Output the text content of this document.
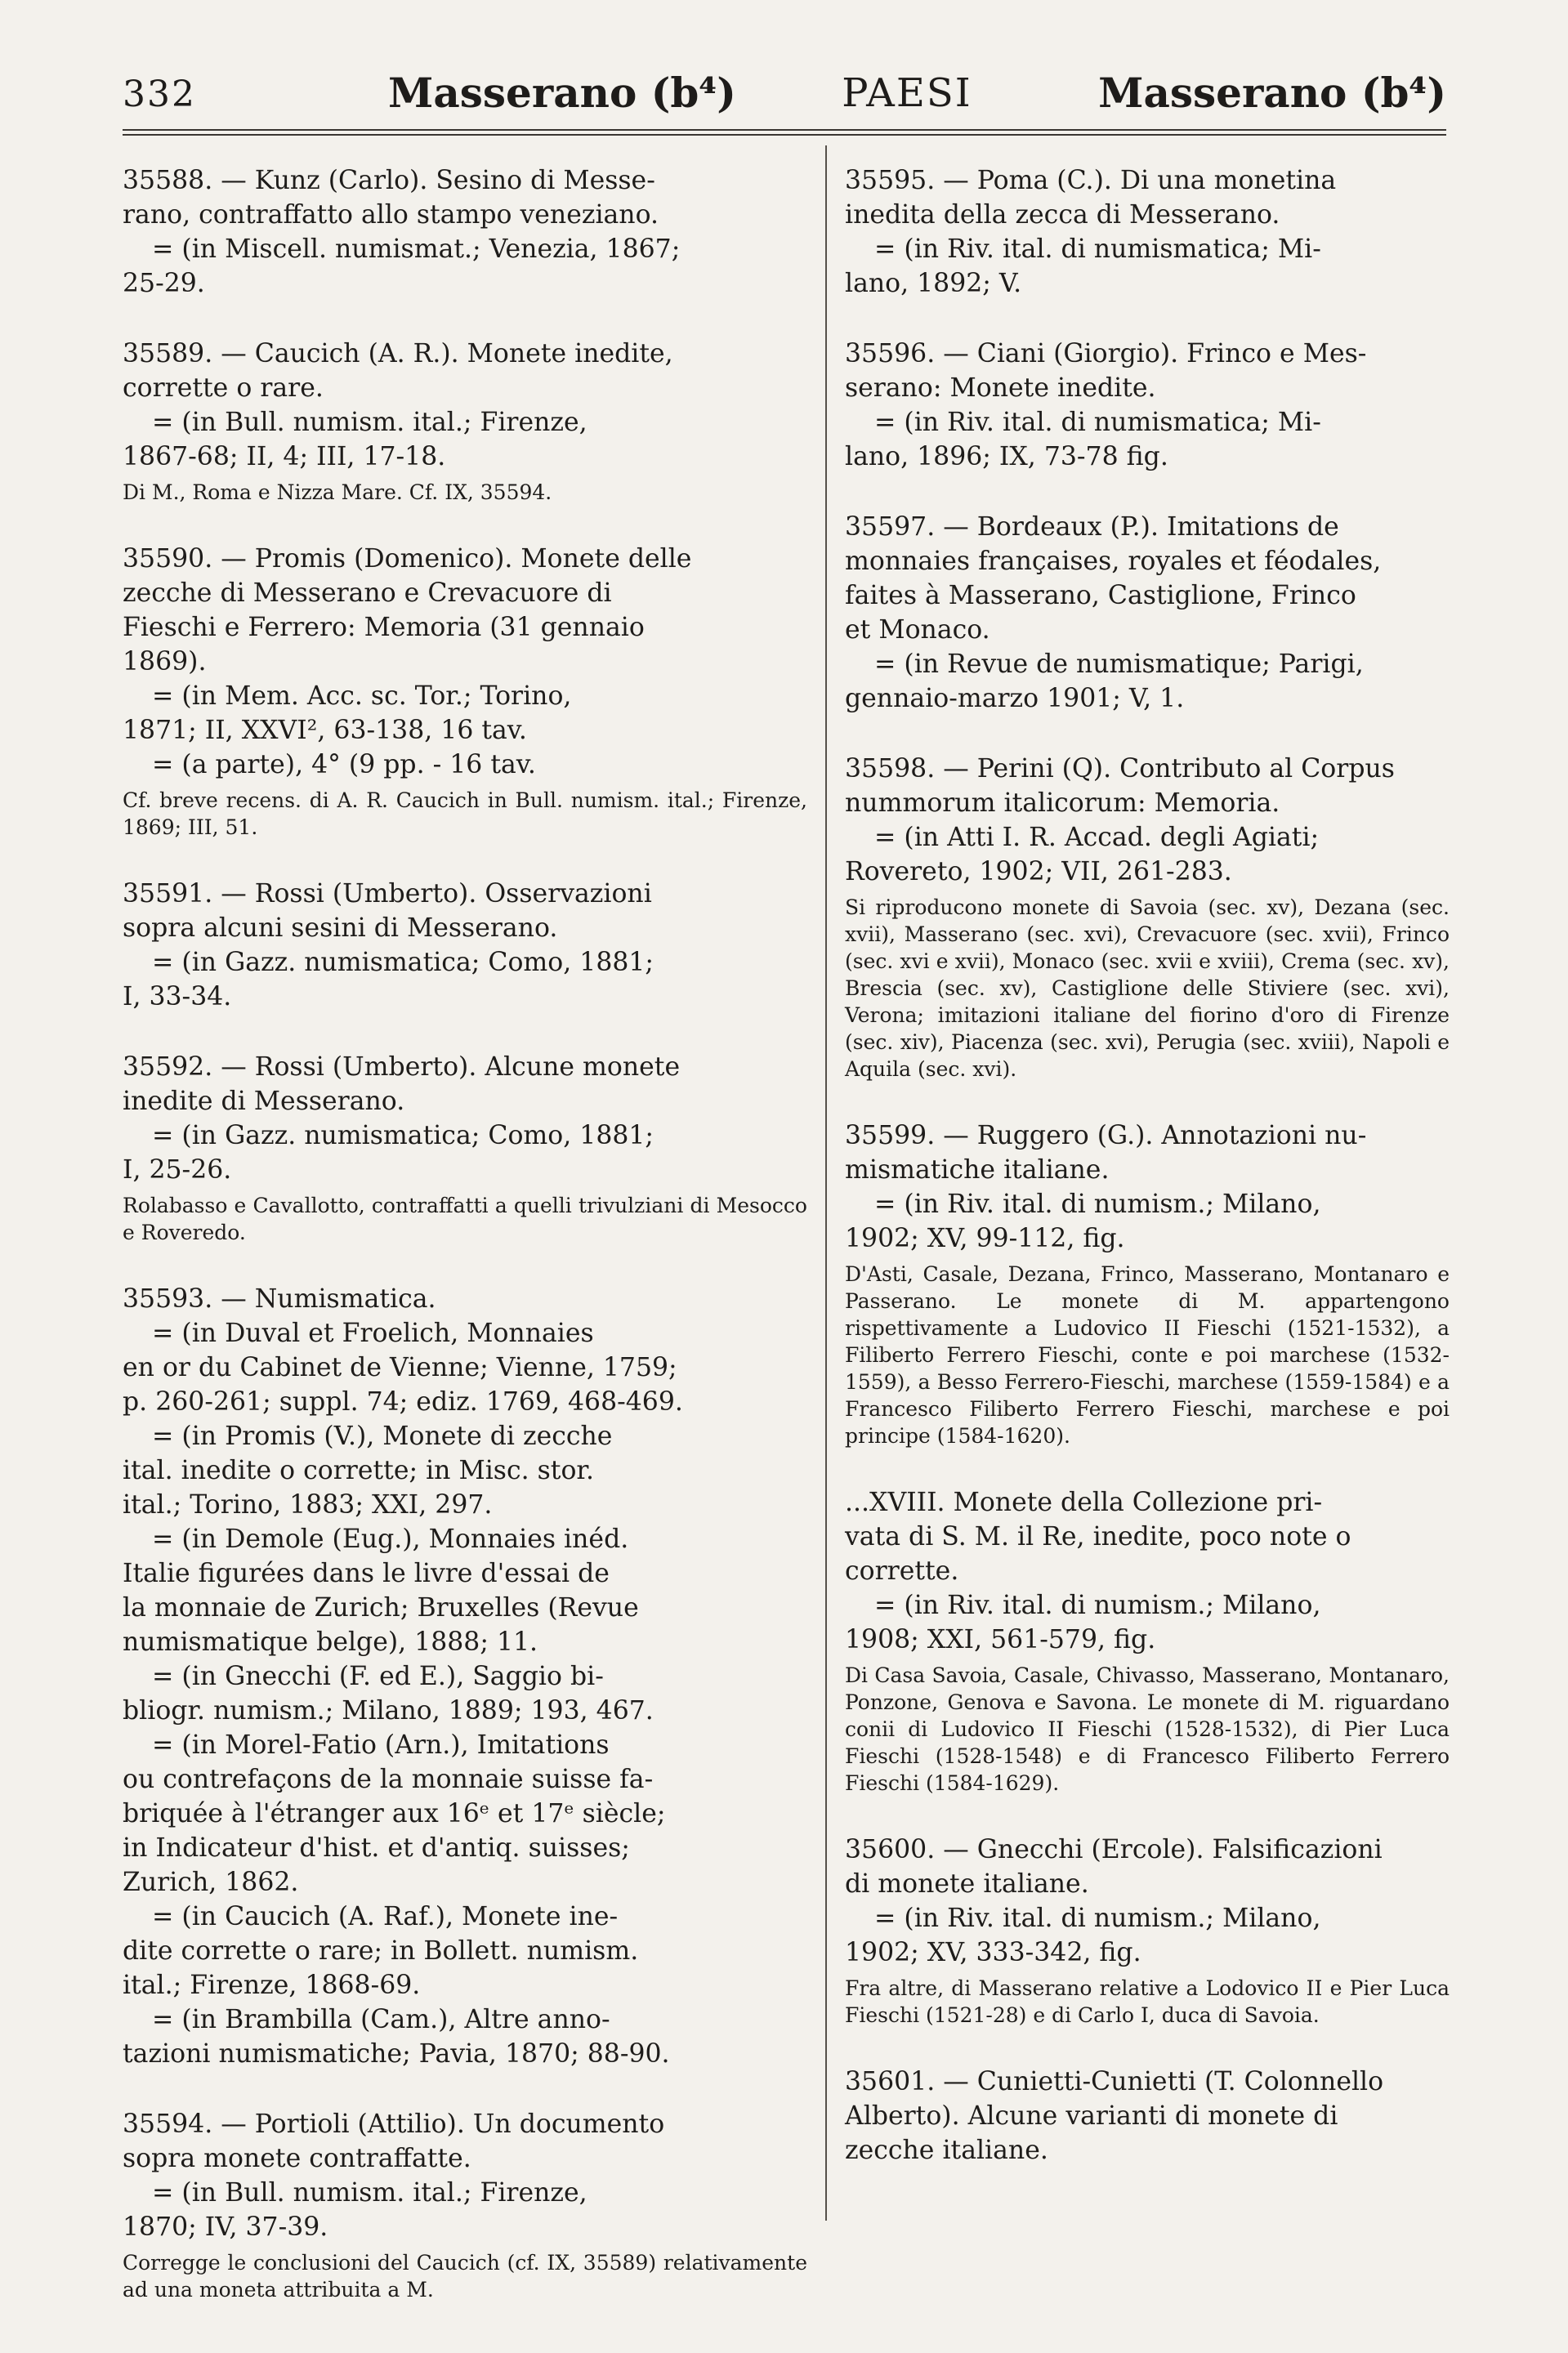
332	Masserano (b⁴)	PAESI	Masserano (b⁴)
35588. — Kunz (Carlo). Sesino di Messe-
rano, contraffatto allo stampo veneziano.
= (in Miscell. numismat.; Venezia, 1867;
25-29.
35589. — Caucich (A. R.). Monete inedite,
corrette o rare.
= (in Bull. numism. ital.; Firenze,
1867-68; II, 4; III, 17-18.
Di M., Roma e Nizza Mare. Cf. IX, 35594.
35590. — Promis (Domenico). Monete delle
zecche di Messerano e Crevacuore di
Fieschi e Ferrero: Memoria (31 gennaio
1869).
= (in Mem. Acc. sc. Tor.; Torino,
1871; II, XXVI², 63-138, 16 tav.
= (a parte), 4° (9 pp. - 16 tav.
Cf. breve recens. di A. R. Caucich in Bull. numism. ital.; Firenze, 1869; III, 51.
35591. — Rossi (Umberto). Osservazioni
sopra alcuni sesini di Messerano.
= (in Gazz. numismatica; Como, 1881;
I, 33-34.
35592. — Rossi (Umberto). Alcune monete
inedite di Messerano.
= (in Gazz. numismatica; Como, 1881;
I, 25-26.
Rolabasso e Cavallotto, contraffatti a quelli trivulziani di Mesocco e Roveredo.
35593. — Numismatica.
= (in Duval et Froelich, Monnaies
en or du Cabinet de Vienne; Vienne, 1759;
p. 260-261; suppl. 74; ediz. 1769, 468-469.
= (in Promis (V.), Monete di zecche
ital. inedite o corrette; in Misc. stor.
ital.; Torino, 1883; XXI, 297.
= (in Demole (Eug.), Monnaies inéd.
Italie figurées dans le livre d'essai de
la monnaie de Zurich; Bruxelles (Revue
numismatique belge), 1888; 11.
= (in Gnecchi (F. ed E.), Saggio bi-
bliogr. numism.; Milano, 1889; 193, 467.
= (in Morel-Fatio (Arn.), Imitations
ou contrefaçons de la monnaie suisse fa-
briquée à l'étranger aux 16ᵉ et 17ᵉ siècle;
in Indicateur d'hist. et d'antiq. suisses;
Zurich, 1862.
= (in Caucich (A. Raf.), Monete ine-
dite corrette o rare; in Bollett. numism.
ital.; Firenze, 1868-69.
= (in Brambilla (Cam.), Altre anno-
tazioni numismatiche; Pavia, 1870; 88-90.
35594. — Portioli (Attilio). Un documento
sopra monete contraffatte.
= (in Bull. numism. ital.; Firenze,
1870; IV, 37-39.
Corregge le conclusioni del Caucich (cf. IX, 35589) relativamente ad una moneta attribuita a M.
35595. — Poma (C.). Di una monetina
inedita della zecca di Messerano.
= (in Riv. ital. di numismatica; Mi-
lano, 1892; V.
35596. — Ciani (Giorgio). Frinco e Mes-
serano: Monete inedite.
= (in Riv. ital. di numismatica; Mi-
lano, 1896; IX, 73-78 fig.
35597. — Bordeaux (P.). Imitations de
monnaies françaises, royales et féodales,
faites à Masserano, Castiglione, Frinco
et Monaco.
= (in Revue de numismatique; Parigi,
gennaio-marzo 1901; V, 1.
35598. — Perini (Q). Contributo al Corpus
nummorum italicorum: Memoria.
= (in Atti I. R. Accad. degli Agiati;
Rovereto, 1902; VII, 261-283.
Si riproducono monete di Savoia (sec. xv), Dezana (sec. xvii), Masserano (sec. xvi), Crevacuore (sec. xvii), Frinco (sec. xvi e xvii), Monaco (sec. xvii e xviii), Crema (sec. xv), Brescia (sec. xv), Castiglione delle Stiviere (sec. xvi), Verona; imitazioni italiane del fiorino d'oro di Firenze (sec. xiv), Piacenza (sec. xvi), Perugia (sec. xviii), Napoli e Aquila (sec. xvi).
35599. — Ruggero (G.). Annotazioni nu-
mismatiche italiane.
= (in Riv. ital. di numism.; Milano,
1902; XV, 99-112, fig.
D'Asti, Casale, Dezana, Frinco, Masserano, Montanaro e Passerano. Le monete di M. appartengono rispettivamente a Ludovico II Fieschi (1521-1532), a Filiberto Ferrero Fieschi, conte e poi marchese (1532-1559), a Besso Ferrero-Fieschi, marchese (1559-1584) e a Francesco Filiberto Ferrero Fieschi, marchese e poi principe (1584-1620).
...XVIII. Monete della Collezione pri-
vata di S. M. il Re, inedite, poco note o
corrette.
= (in Riv. ital. di numism.; Milano,
1908; XXI, 561-579, fig.
Di Casa Savoia, Casale, Chivasso, Masserano, Montanaro, Ponzone, Genova e Savona. Le monete di M. riguardano conii di Ludovico II Fieschi (1528-1532), di Pier Luca Fieschi (1528-1548) e di Francesco Filiberto Ferrero Fieschi (1584-1629).
35600. — Gnecchi (Ercole). Falsificazioni
di monete italiane.
= (in Riv. ital. di numism.; Milano,
1902; XV, 333-342, fig.
Fra altre, di Masserano relative a Lodovico II e Pier Luca Fieschi (1521-28) e di Carlo I, duca di Savoia.
35601. — Cunietti-Cunietti (T. Colonnello
Alberto). Alcune varianti di monete di
zecche italiane.
